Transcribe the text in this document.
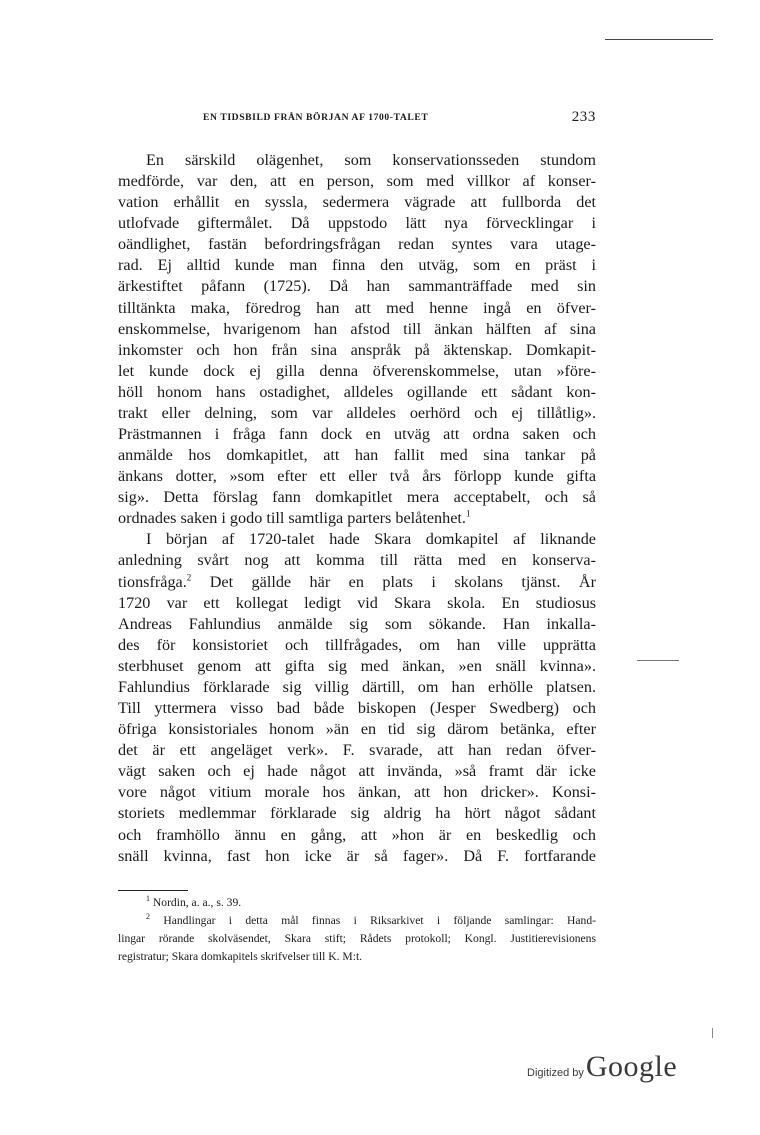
EN TIDSBILD FRÅN BÖRJAN AF 1700-TALET	233
En särskild olägenhet, som konservationsseden stundom
medförde, var den, att en person, som med villkor af konser-
vation erhållit en syssla, sedermera vägrade att fullborda det
utlofvade giftermålet. Då uppstodo lätt nya förvecklingar i
oändlighet, fastän befordringsfrågan redan syntes vara utage-
rad. Ej alltid kunde man finna den utväg, som en präst i
ärkestiftet påfann (1725). Då han sammanträffade med sin
tilltänkta maka, föredrog han att med henne ingå en öfver-
enskommelse, hvarigenom han afstod till änkan hälften af sina
inkomster och hon från sina anspråk på äktenskap. Domkapit-
let kunde dock ej gilla denna öfverenskommelse, utan »före-
höll honom hans ostadighet, alldeles ogillande ett sådant kon-
trakt eller delning, som var alldeles oerhörd och ej tillåtlig».
Prästmannen i fråga fann dock en utväg att ordna saken och
anmälde hos domkapitlet, att han fallit med sina tankar på
änkans dotter, »som efter ett eller två års förlopp kunde gifta
sig». Detta förslag fann domkapitlet mera acceptabelt, och så
ordnades saken i godo till samtliga parters belåtenhet.$^1$
I början af 1720-talet hade Skara domkapitel af liknande
anledning svårt nog att komma till rätta med en konserva-
tionsfråga.$^2$ Det gällde här en plats i skolans tjänst. År
1720 var ett kollegat ledigt vid Skara skola. En studiosus
Andreas Fahlundius anmälde sig som sökande. Han inkalla-
des för konsistoriet och tillfrågades, om han ville upprätta
sterbhuset genom att gifta sig med änkan, »en snäll kvinna».
Fahlundius förklarade sig villig därtill, om han erhölle platsen.
Till yttermera visso bad både biskopen (Jesper Swedberg) och
öfriga konsistoriales honom »än en tid sig därom betänka, efter
det är ett angeläget verk». F. svarade, att han redan öfver-
vägt saken och ej hade något att invända, »så framt där icke
vore något vitium morale hos änkan, att hon dricker». Konsi-
storiets medlemmar förklarade sig aldrig ha hört något sådant
och framhöllo ännu en gång, att »hon är en beskedlig och
snäll kvinna, fast hon icke är så fager». Då F. fortfarande
$^1$ Nordin, a. a., s. 39.
$^2$ Handlingar i detta mål finnas i Riksarkivet i följande samlingar: Hand-
lingar rörande skolväsendet, Skara stift; Rådets protokoll; Kongl. Justitierevisionens
registratur; Skara domkapitels skrifvelser till K. M:t.
Digitized by Google
